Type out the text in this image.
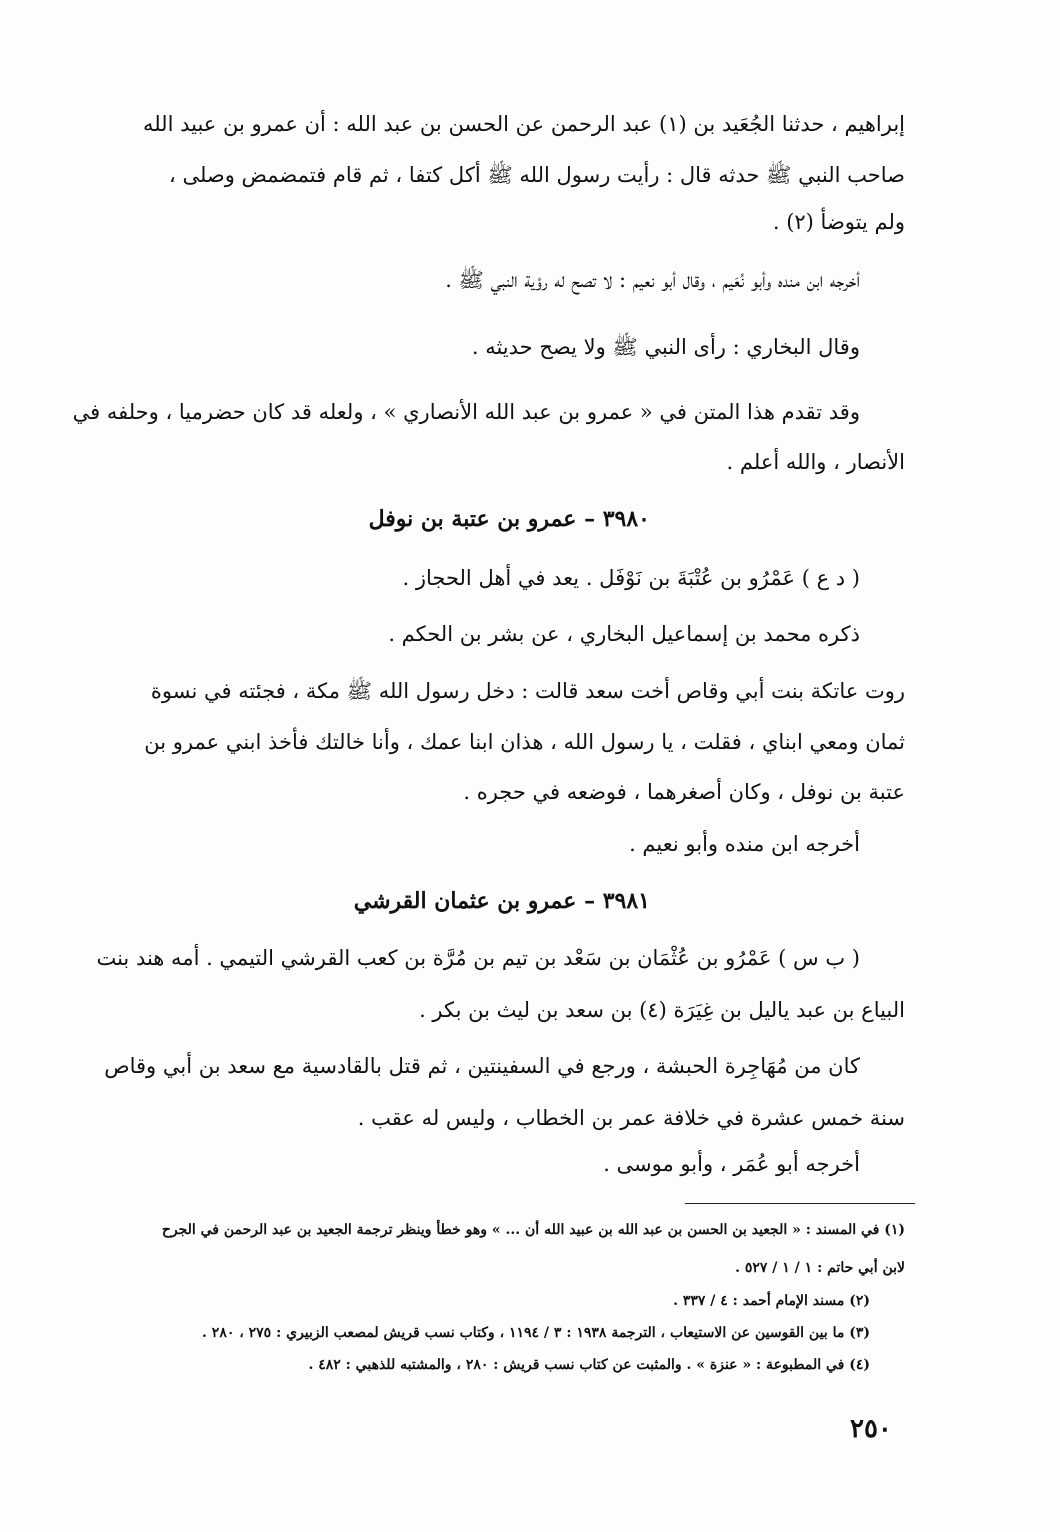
إبراهيم ، حدثنا الجُعَيد بن (١) عبد الرحمن عن الحسن بن عبد الله : أن عمرو بن عبيد الله
صاحب النبي ﷺ حدثه قال : رأيت رسول الله ﷺ أكل كتفا ، ثم قام فتمضمض وصلى ،
ولم يتوضأ (٢) .
أخرجه ابن منده وأبو نُعَيم ، وقال أبو نعيم : لا تصح له رؤية النبي ﷺ .
وقال البخاري : رأى النبي ﷺ ولا يصح حديثه .
وقد تقدم هذا المتن في « عمرو بن عبد الله الأنصاري » ، ولعله قد كان حضرميا ، وحلفه في
الأنصار ، والله أعلم .
٣٩٨٠ – عمرو بن عتبة بن نوفل
( د ع ) عَمْرُو بن عُتْبَةَ بن نَوْفَل . يعد في أهل الحجاز .
ذكره محمد بن إسماعيل البخاري ، عن بشر بن الحكم .
روت عاتكة بنت أبي وقاص أخت سعد قالت : دخل رسول الله ﷺ مكة ، فجئته في نسوة
ثمان ومعي ابناي ، فقلت ، يا رسول الله ، هذان ابنا عمك ، وأنا خالتك فأخذ ابني عمرو بن
عتبة بن نوفل ، وكان أصغرهما ، فوضعه في حجره .
أخرجه ابن منده وأبو نعيم .
٣٩٨١ – عمرو بن عثمان القرشي
( ب س ) عَمْرُو بن عُثْمَان بن سَعْد بن تيم بن مُرَّة بن كعب القرشي التيمي . أمه هند بنت
البياع بن عبد ياليل بن غِيَرَة (٤) بن سعد بن ليث بن بكر .
كان من مُهَاجِرة الحبشة ، ورجع في السفينتين ، ثم قتل بالقادسية مع سعد بن أبي وقاص
سنة خمس عشرة في خلافة عمر بن الخطاب ، وليس له عقب .
أخرجه أبو عُمَر ، وأبو موسى .
(١) في المسند : « الجعيد بن الحسن بن عبد الله بن عبيد الله أن ... » وهو خطأ وينظر ترجمة الجعيد بن عبد الرحمن في الجرح
لابن أبي حاتم : ١ / ١ / ٥٢٧ .
(٢) مسند الإمام أحمد : ٤ / ٣٣٧ .
(٣) ما بين القوسين عن الاستيعاب ، الترجمة ١٩٣٨ : ٣ / ١١٩٤ ، وكتاب نسب قريش لمصعب الزبيري : ٢٧٥ ، ٢٨٠ .
(٤) في المطبوعة : « عنزة » . والمثبت عن كتاب نسب قريش : ٢٨٠ ، والمشتبه للذهبي : ٤٨٢ .
٢٥٠
